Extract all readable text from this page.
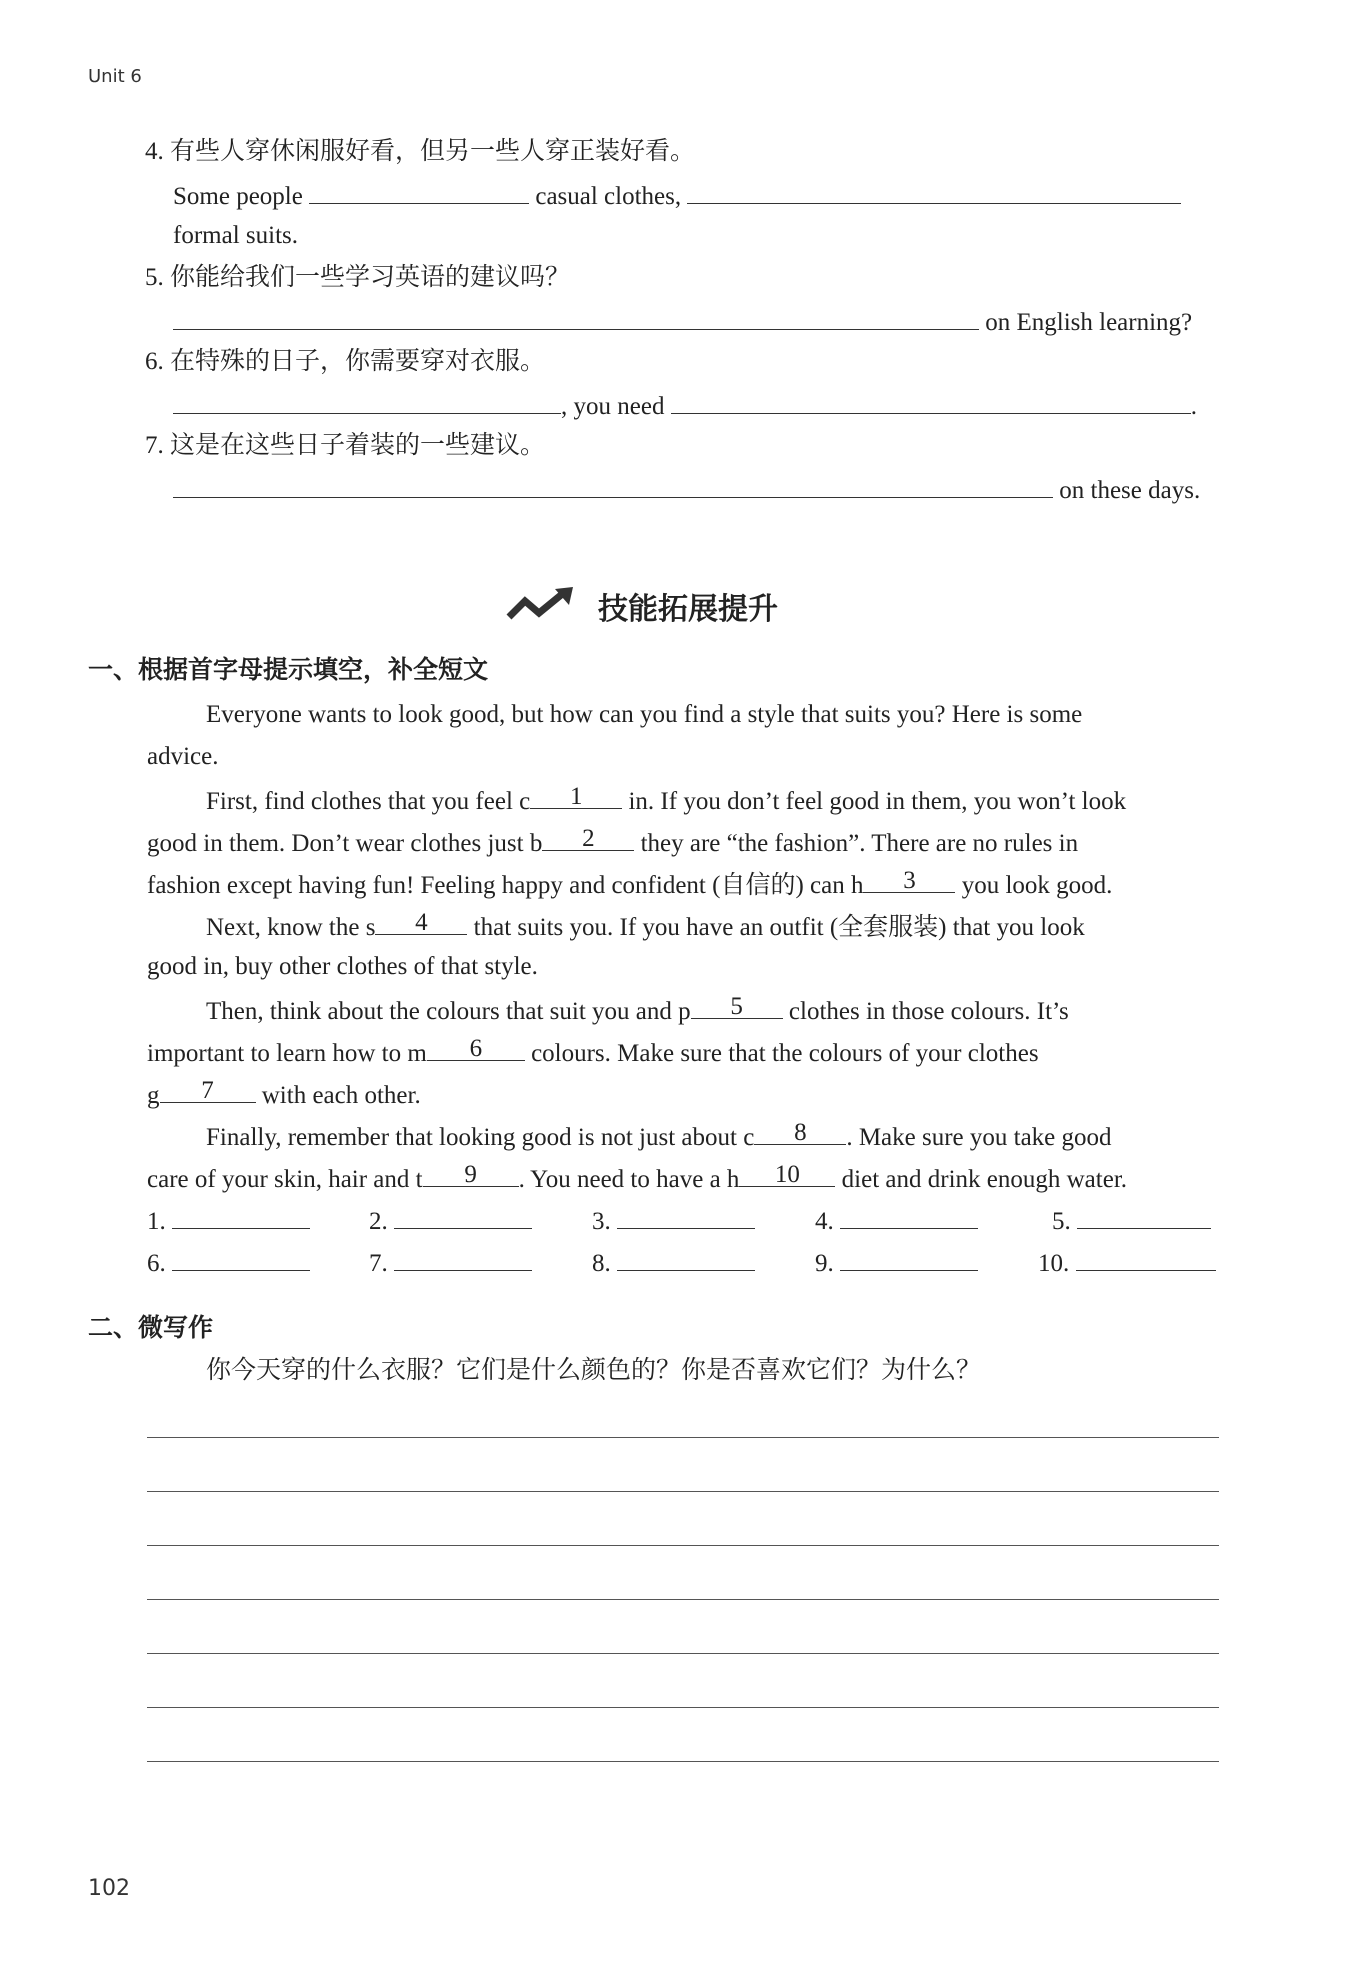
Unit 6
4. 有些人穿休闲服好看，但另一些人穿正装好看。
Some people	casual clothes,
formal suits.
5. 你能给我们一些学习英语的建议吗？
on English learning?
6. 在特殊的日子，你需要穿对衣服。
, you need	.
7. 这是在这些日子着装的一些建议。
on these days.
技能拓展提升
一、根据首字母提示填空，补全短文
Everyone wants to look good, but how can you find a style that suits you? Here is some
advice.
First, find clothes that you feel c	1	in. If you don’t feel good in them, you won’t look
good in them. Don’t wear clothes just b	2	they are “the fashion”. There are no rules in
fashion except having fun! Feeling happy and confident (自信的) can h	3	you look good.
Next, know the s	4	that suits you. If you have an outfit (全套服装) that you look
good in, buy other clothes of that style.
Then, think about the colours that suit you and p	5	clothes in those colours. It’s
important to learn how to m	6	colours. Make sure that the colours of your clothes
g	7	with each other.
Finally, remember that looking good is not just about c	8	. Make sure you take good
care of your skin, hair and t	9	. You need to have a h	10	diet and drink enough water.
1.	2.	3.	4.	5.
6.	7.	8.	9.	10.
二、微写作
你今天穿的什么衣服？它们是什么颜色的？你是否喜欢它们？为什么？
102
